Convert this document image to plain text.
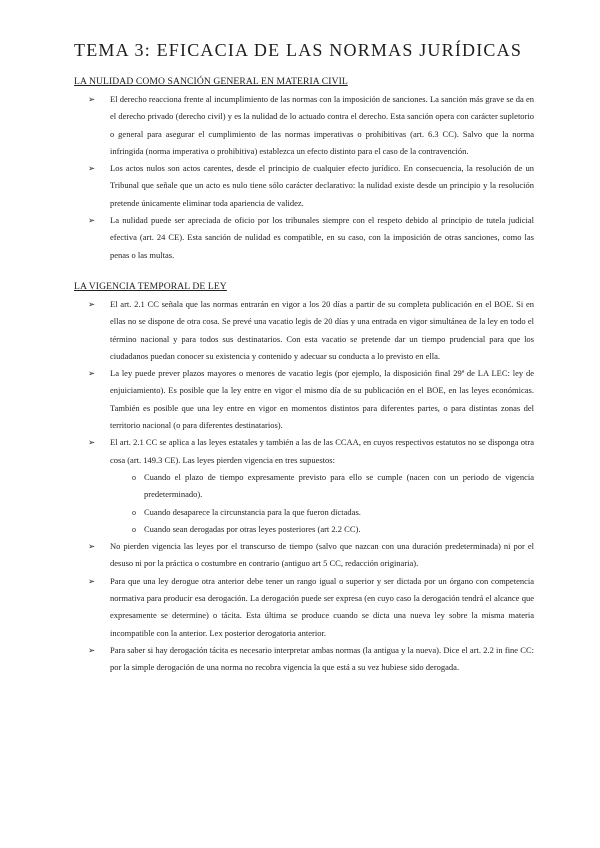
TEMA 3: EFICACIA DE LAS NORMAS JURÍDICAS
LA NULIDAD COMO SANCIÓN GENERAL EN MATERIA CIVIL
➢ El derecho reacciona frente al incumplimiento de las normas con la imposición de sanciones. La sanción más grave se da en el derecho privado (derecho civil) y es la nulidad de lo actuado contra el derecho. Esta sanción opera con carácter supletorio o general para asegurar el cumplimiento de las normas imperativas o prohibitivas (art. 6.3 CC). Salvo que la norma infringida (norma imperativa o prohibitiva) establezca un efecto distinto para el caso de la contravención.
➢ Los actos nulos son actos carentes, desde el principio de cualquier efecto jurídico. En consecuencia, la resolución de un Tribunal que señale que un acto es nulo tiene sólo carácter declarativo: la nulidad existe desde un principio y la resolución pretende únicamente eliminar toda apariencia de validez.
➢ La nulidad puede ser apreciada de oficio por los tribunales siempre con el respeto debido al principio de tutela judicial efectiva (art. 24 CE). Esta sanción de nulidad es compatible, en su caso, con la imposición de otras sanciones, como las penas o las multas.
LA VIGENCIA TEMPORAL DE LEY
➢ El art. 2.1 CC señala que las normas entrarán en vigor a los 20 días a partir de su completa publicación en el BOE. Si en ellas no se dispone de otra cosa. Se prevé una vacatio legis de 20 días y una entrada en vigor simultánea de la ley en todo el término nacional y para todos sus destinatarios. Con esta vacatio se pretende dar un tiempo prudencial para que los ciudadanos puedan conocer su existencia y contenido y adecuar su conducta a lo previsto en ella.
➢ La ley puede prever plazos mayores o menores de vacatio legis (por ejemplo, la disposición final 29ª de LA LEC: ley de enjuiciamiento). Es posible que la ley entre en vigor el mismo día de su publicación en el BOE, en las leyes económicas. También es posible que una ley entre en vigor en momentos distintos para diferentes partes, o para distintas zonas del territorio nacional (o para diferentes destinatarios).
➢ El art. 2.1 CC se aplica a las leyes estatales y también a las de las CCAA, en cuyos respectivos estatutos no se disponga otra cosa (art. 149.3 CE). Las leyes pierden vigencia en tres supuestos:
o Cuando el plazo de tiempo expresamente previsto para ello se cumple (nacen con un periodo de vigencia predeterminado).
o Cuando desaparece la circunstancia para la que fueron dictadas.
o Cuando sean derogadas por otras leyes posteriores (art 2.2 CC).
➢ No pierden vigencia las leyes por el transcurso de tiempo (salvo que nazcan con una duración predeterminada) ni por el desuso ni por la práctica o costumbre en contrario (antiguo art 5 CC, redacción originaria).
➢ Para que una ley derogue otra anterior debe tener un rango igual o superior y ser dictada por un órgano con competencia normativa para producir esa derogación. La derogación puede ser expresa (en cuyo caso la derogación tendrá el alcance que expresamente se determine) o tácita. Esta última se produce cuando se dicta una nueva ley sobre la misma materia incompatible con la anterior. Lex posterior derogatoria anterior.
➢ Para saber si hay derogación tácita es necesario interpretar ambas normas (la antigua y la nueva). Dice el art. 2.2 in fine CC: por la simple derogación de una norma no recobra vigencia la que está a su vez hubiese sido derogada.
